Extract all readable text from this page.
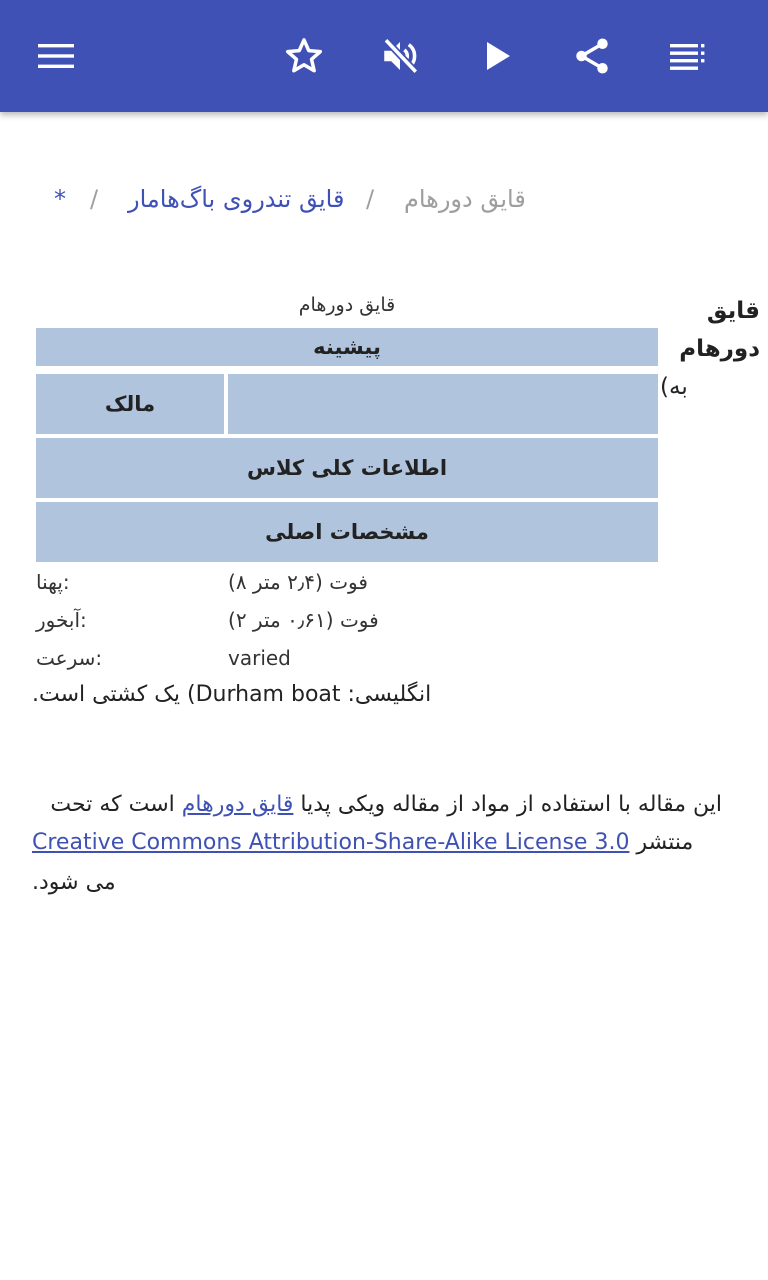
قایق دورهام
/
قایق تندروی باگ‌هامار
/
*
قایق
دورهام
(به
قایق دورهام
پیشینه
مالک
اطلاعات کلی کلاس
مشخصات اصلی
پهنا:	(فوت (۲٫۴ متر ۸
آبخور:	(فوت (۰٫۶۱ متر ۲
سرعت:	varied
انگلیسی: Durham boat) یک کشتی است.
این مقاله با استفاده از مواد از مقاله ویکی پدیا قایق دورهام است که تحت
Creative Commons Attribution-Share-Alike License 3.0 منتشر
می شود.
